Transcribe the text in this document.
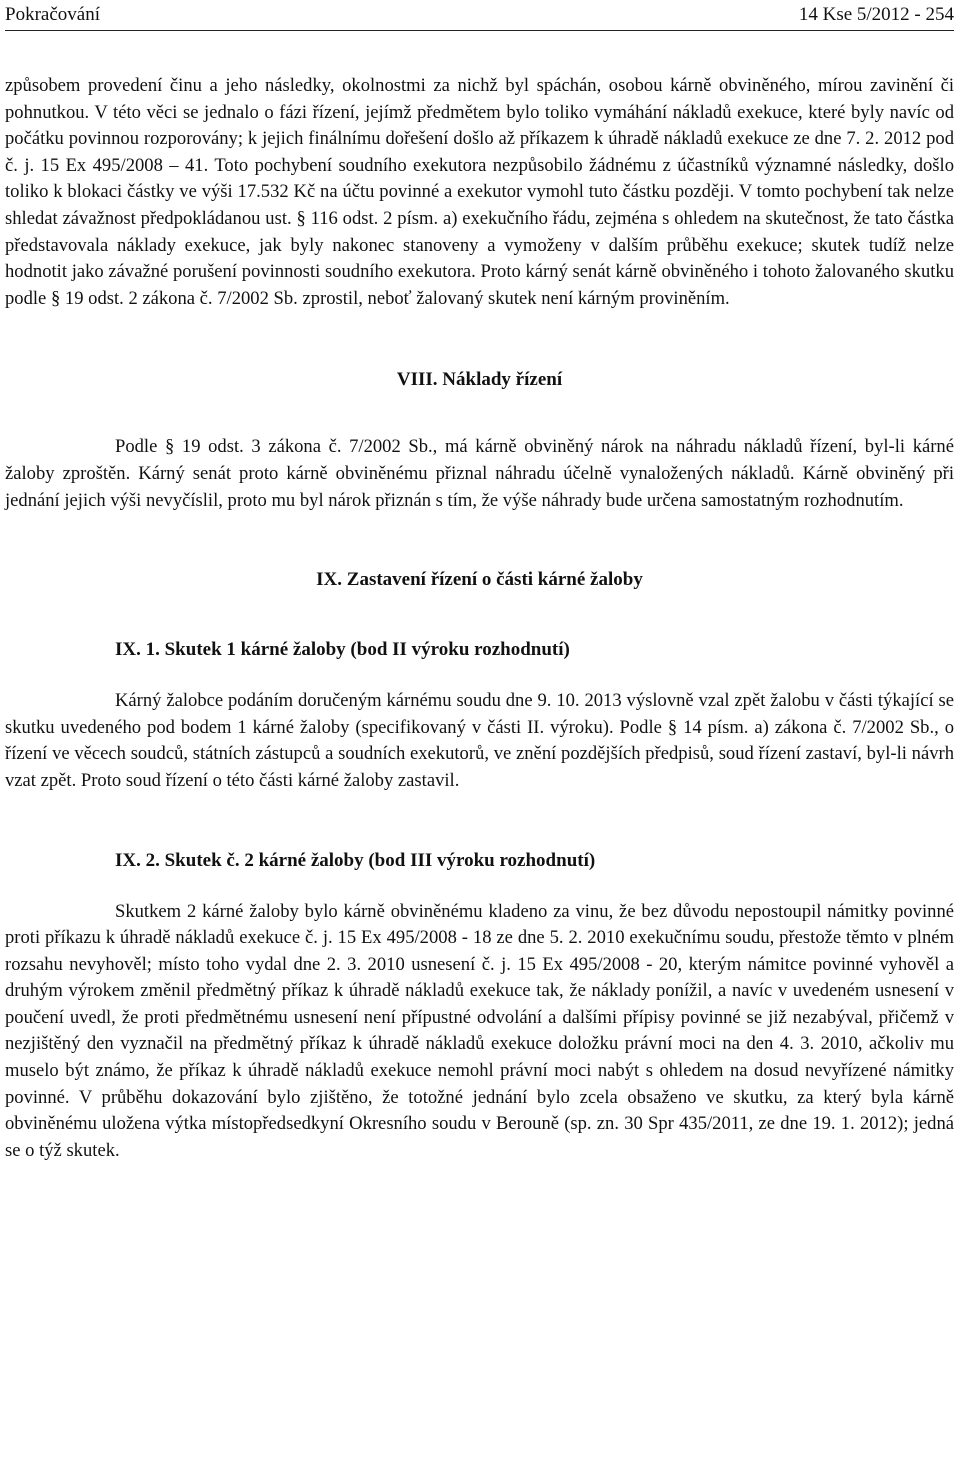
Pokračování	14 Kse 5/2012 - 254

způsobem provedení činu a jeho následky, okolnostmi za nichž byl spáchán, osobou kárně obviněného, mírou zavinění či pohnutkou. V této věci se jednalo o fázi řízení, jejímž předmětem bylo toliko vymáhání nákladů exekuce, které byly navíc od počátku povinnou rozporovány; k jejich finálnímu dořešení došlo až příkazem k úhradě nákladů exekuce ze dne 7. 2. 2012 pod č. j. 15 Ex 495/2008 – 41. Toto pochybení soudního exekutora nezpůsobilo žádnému z účastníků významné následky, došlo toliko k blokaci částky ve výši 17.532 Kč na účtu povinné a exekutor vymohl tuto částku později. V tomto pochybení tak nelze shledat závažnost předpokládanou ust. § 116 odst. 2 písm. a) exekučního řádu, zejména s ohledem na skutečnost, že tato částka představovala náklady exekuce, jak byly nakonec stanoveny a vymoženy v dalším průběhu exekuce; skutek tudíž nelze hodnotit jako závažné porušení povinnosti soudního exekutora. Proto kárný senát kárně obviněného i tohoto žalovaného skutku podle § 19 odst. 2 zákona č. 7/2002 Sb. zprostil, neboť žalovaný skutek není kárným proviněním.

VIII. Náklady řízení

Podle § 19 odst. 3 zákona č. 7/2002 Sb., má kárně obviněný nárok na náhradu nákladů řízení, byl-li kárné žaloby zproštěn. Kárný senát proto kárně obviněnému přiznal náhradu účelně vynaložených nákladů. Kárně obviněný při jednání jejich výši nevyčíslil, proto mu byl nárok přiznán s tím, že výše náhrady bude určena samostatným rozhodnutím.

IX. Zastavení řízení o části kárné žaloby
IX. 1. Skutek 1 kárné žaloby (bod II výroku rozhodnutí)

Kárný žalobce podáním doručeným kárnému soudu dne 9. 10. 2013 výslovně vzal zpět žalobu v části týkající se skutku uvedeného pod bodem 1 kárné žaloby (specifikovaný v části II. výroku). Podle § 14 písm. a) zákona č. 7/2002 Sb., o řízení ve věcech soudců, státních zástupců a soudních exekutorů, ve znění pozdějších předpisů, soud řízení zastaví, byl-li návrh vzat zpět. Proto soud řízení o této části kárné žaloby zastavil.

IX. 2. Skutek č. 2 kárné žaloby (bod III výroku rozhodnutí)

Skutkem 2 kárné žaloby bylo kárně obviněnému kladeno za vinu, že bez důvodu nepostoupil námitky povinné proti příkazu k úhradě nákladů exekuce č. j. 15 Ex 495/2008 - 18 ze dne 5. 2. 2010 exekučnímu soudu, přestože těmto v plném rozsahu nevyhověl; místo toho vydal dne 2. 3. 2010 usnesení č. j. 15 Ex 495/2008 - 20, kterým námitce povinné vyhověl a druhým výrokem změnil předmětný příkaz k úhradě nákladů exekuce tak, že náklady ponížil, a navíc v uvedeném usnesení v poučení uvedl, že proti předmětnému usnesení není přípustné odvolání a dalšími přípisy povinné se již nezabýval, přičemž v nezjištěný den vyznačil na předmětný příkaz k úhradě nákladů exekuce doložku právní moci na den 4. 3. 2010, ačkoliv mu muselo být známo, že příkaz k úhradě nákladů exekuce nemohl právní moci nabýt s ohledem na dosud nevyřízené námitky povinné. V průběhu dokazování bylo zjištěno, že totožné jednání bylo zcela obsaženo ve skutku, za který byla kárně obviněnému uložena výtka místopředsedkyní Okresního soudu v Berouně (sp. zn. 30 Spr 435/2011, ze dne 19. 1. 2012); jedná se o týž skutek.
